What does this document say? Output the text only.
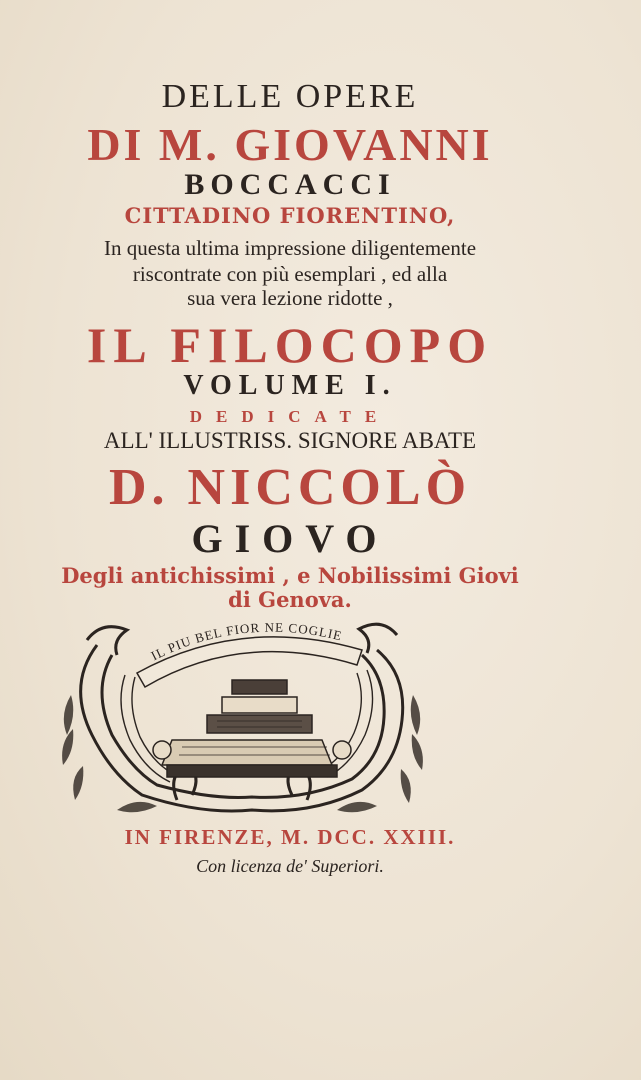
DELLE OPERE
DI M. GIOVANNI
BOCCACCI
CITTADINO FIORENTINO,
In questa ultima impressione diligentemente
riscontrate con più esemplari , ed alla
sua vera lezione ridotte ,
IL FILOCOPO
VOLUME I.
DEDICATE
ALL' ILLUSTRISS. SIGNORE ABATE
D. NICCOLÒ
GIOVO
Degli antichissimi , e Nobilissimi Giovi
di Genova.
IL PIU BEL FIOR NE COGLIE
IN FIRENZE, M. DCC. XXIII.
Con licenza de' Superiori.
